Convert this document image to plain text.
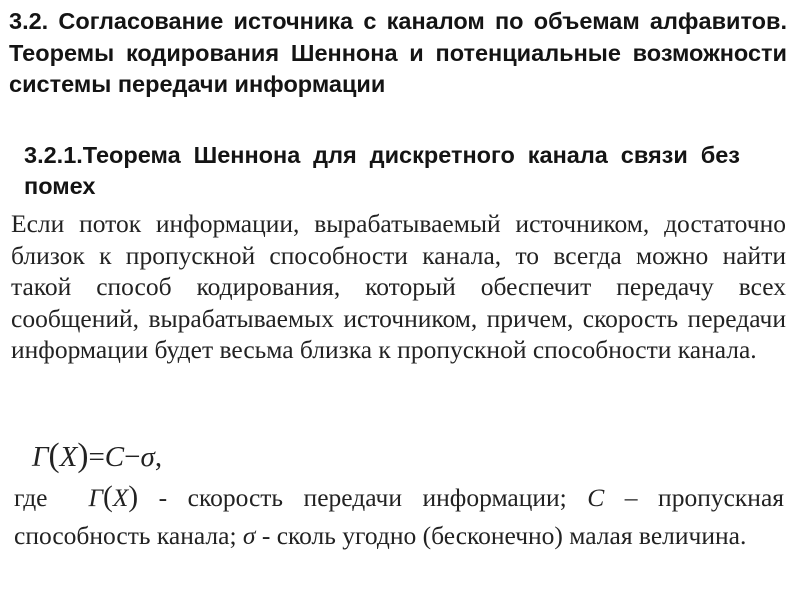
3.2. Согласование источника с каналом по объемам алфавитов. Теоремы кодирования Шеннона и потенциальные возможности системы передачи информации
3.2.1.Теорема Шеннона для дискретного канала связи без помех
Если поток информации, вырабатываемый источником, достаточно близок к пропускной способности канала, то всегда можно найти такой способ кодирования, который обеспечит передачу всех сообщений, вырабатываемых источником, причем, скорость передачи информации будет весьма близка к пропускной способности канала.
Γ(X)=C−σ,
где Γ(X) - скорость передачи информации; C – пропускная способность канала; σ - сколь угодно (бесконечно) малая величина.
